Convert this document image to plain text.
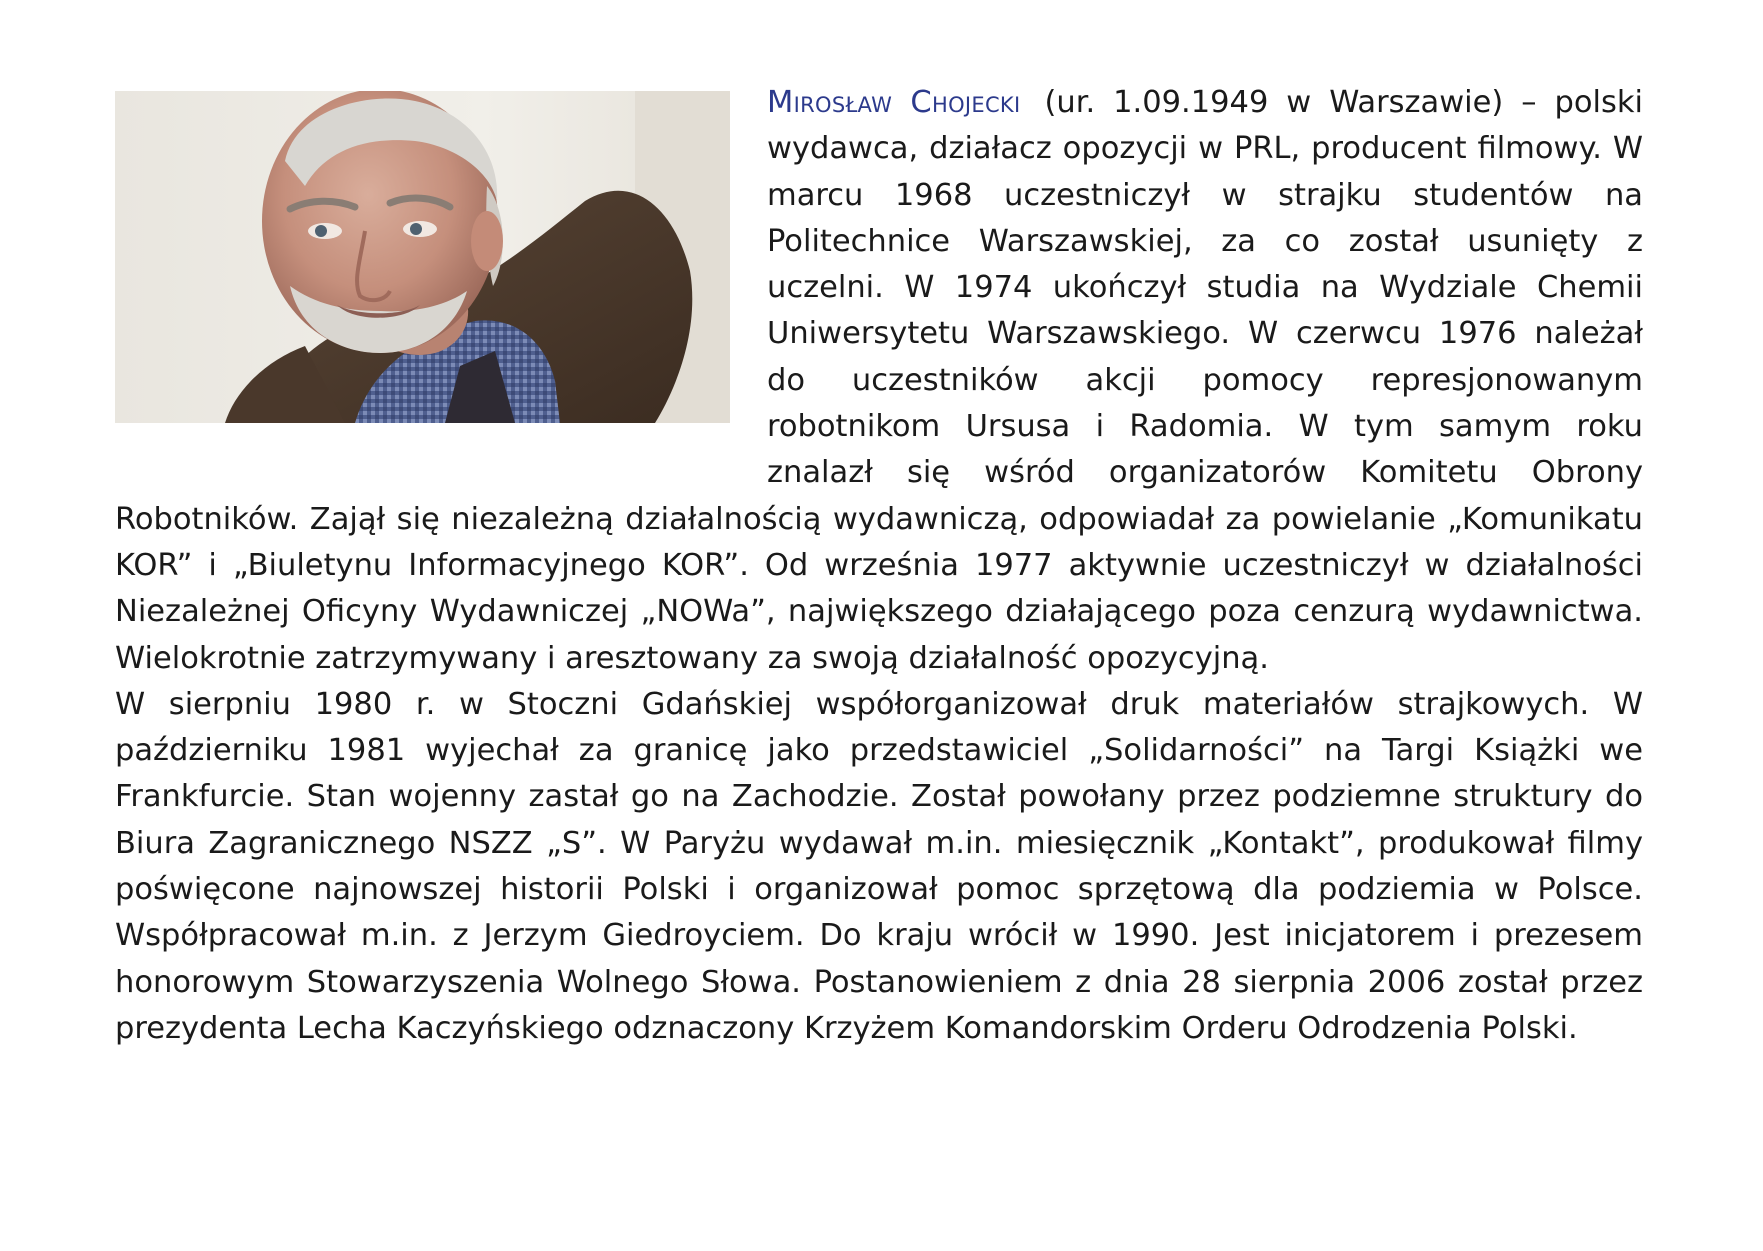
Mirosław Chojecki (ur. 1.09.1949 w Warszawie) – polski wydawca, działacz opozycji w PRL, producent filmowy. W marcu 1968 uczestniczył w strajku studentów na Politechnice Warszawskiej, za co został usunięty z uczelni. W 1974 ukończył studia na Wydziale Chemii Uniwersytetu Warszawskiego. W czerwcu 1976 należał do uczestników akcji pomocy represjonowanym robotnikom Ursusa i Radomia. W tym samym roku znalazł się wśród organizatorów Komitetu Obrony Robotników. Zajął się niezależną działalnością wydawniczą, odpowiadał za powielanie „Komunikatu KOR” i „Biuletynu Informacyjnego KOR”. Od września 1977 aktywnie uczestniczył w działalności Niezależnej Oficyny Wydawniczej „NOWa”, największego działającego poza cenzurą wydawnictwa. Wielokrotnie zatrzymywany i aresztowany za swoją działalność opozycyjną.

W sierpniu 1980 r. w Stoczni Gdańskiej współorganizował druk materiałów strajkowych. W październiku 1981 wyjechał za granicę jako przedstawiciel „Solidarności” na Targi Książki we Frankfurcie. Stan wojenny zastał go na Zachodzie. Został powołany przez podziemne struktury do Biura Zagranicznego NSZZ „S”. W Paryżu wydawał m.in. miesięcznik „Kontakt”, produkował filmy poświęcone najnowszej historii Polski i organizował pomoc sprzętową dla podziemia w Polsce. Współpracował m.in. z Jerzym Giedroyciem. Do kraju wrócił w 1990. Jest inicjatorem i prezesem honorowym Stowarzyszenia Wolnego Słowa. Postanowieniem z dnia 28 sierpnia 2006 został przez prezydenta Lecha Kaczyńskiego odznaczony Krzyżem Komandorskim Orderu Odrodzenia Polski.
